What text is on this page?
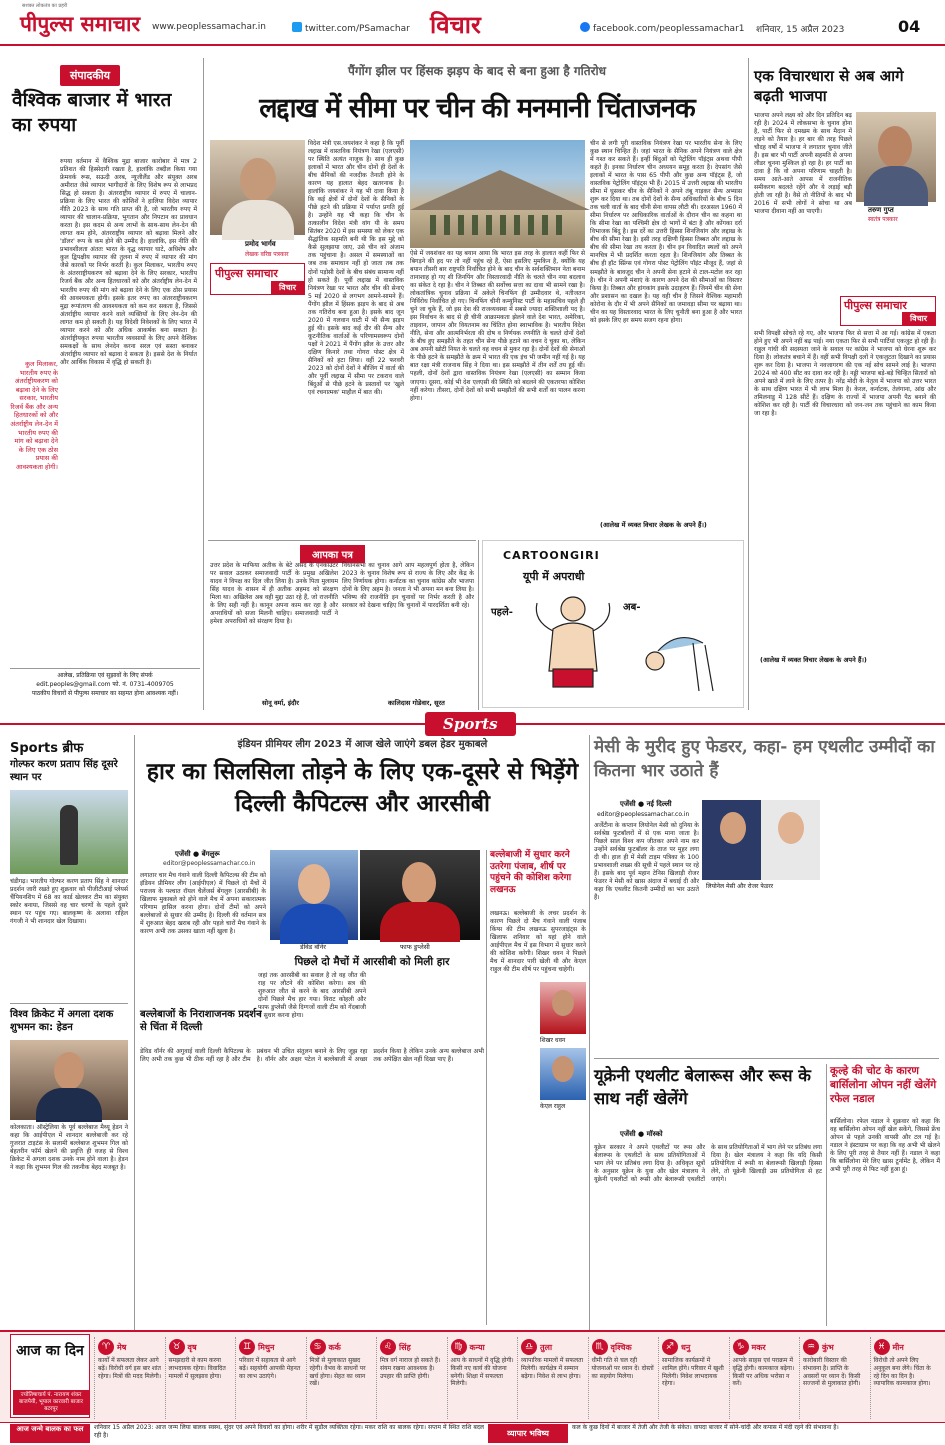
सशक्त लोकतंत्र का प्रहरी
पीपुल्स समाचार www.peoplessamachar.in	twitter.com/PSamachar विचार	facebook.com/peoplessamachar1 शनिवार, 15 अप्रैल 2023	04
संपादकीय
वैश्विक बाजार में भारत का रुपया
रुपया वर्तमान में वैश्विक मुद्रा बाजार कारोबार में मात्र 2 प्रतिशत की हिस्सेदारी रखता है, हालांकि तब्दील किया गया फ्रेमवर्क रूस, सऊदी अरब, न्यूजीलैंड और संयुक्त अरब अमीरात जैसे व्यापार भागीदारों के लिए विशेष रूप से लाभप्रद सिद्ध हो सकता है। अंतरराष्ट्रीय व्यापार में रुपए में चालान-प्रक्रिया के लिए भारत की कोशिशें ने हालिया विदेश व्यापार नीति 2023 के साथ गति प्राप्त की है, जो भारतीय रुपए में व्यापार की चालान-प्रक्रिया, भुगतान और निपटान का प्रावधान करता है। इस कदम से अन्य लाभों के साथ-साथ लेन-देन की लागत कम होने, अंतरराष्ट्रीय व्यापार को बढ़ावा मिलने और 'डॉलर' रूप के कम होने की उम्मीद है। हालांकि, इस नीति की प्रभावशीलता अंततः भारत के वृद्ध व्यापार घाटे, अधिशेष और कुल द्विपक्षीय व्यापार की तुलना में रुपए में व्यापार की मांग जैसे कारकों पर निर्भर करती है। कुल मिलाकर, भारतीय रुपए के अंतरराष्ट्रीयकरण को बढ़ावा देने के लिए सरकार, भारतीय रिजर्व बैंक और अन्य हितधारकों को और अंतर्राष्ट्रीय लेन-देन में भारतीय रुपए की मांग को बढ़ावा देने के लिए एक ठोस प्रयास की आवश्यकता होगी। इसके इतर रुपए का अंतरराष्ट्रीयकरण मुद्रा रूपांतरण की आवश्यकता को कम कर सकता है, जिससे अंतर्राष्ट्रीय व्यापार करने वाले व्यक्तियों के लिए लेन-देन की लागत कम हो सकती है। यह विदेशी निवेशकों के लिए भारत में व्यापार करने को और अधिक आकर्षक बना सकता है। अंतर्राष्ट्रीयकृत रुपया भारतीय व्यवसायों के लिए अपने वैश्विक समकक्षों के साथ लेनदेन करना सरल एवं सस्ता बनाकर अंतर्राष्ट्रीय व्यापार को बढ़ावा दे सकता है। इससे देश के निर्यात और आर्थिक विकास में वृद्धि हो सकती है।
कुल मिलाकर, भारतीय रुपए के अंतर्राष्ट्रीयकरण को बढ़ावा देने के लिए सरकार, भारतीय रिजर्व बैंक और अन्य हितधारकों को और अंतर्राष्ट्रीय लेन-देन में भारतीय रुपए की मांग को बढ़ावा देने के लिए एक ठोस प्रयास की आवश्यकता होगी।
आलेख, प्रतिक्रिया एवं सुझावों के लिए संपर्क
edit.peoples@gmail.com फो. नं. 0731-4009705
पाठकीय विचारों से पीपुल्स समाचार का सहमत होना आवश्यक नहीं।
पैंगोंग झील पर हिंसक झड़प के बाद से बना हुआ है गतिरोध
लद्दाख में सीमा पर चीन की मनमानी चिंताजनक
प्रमोद भार्गव
लेखक वरिष्ठ पत्रकार
पीपुल्स समाचार
विचार
विदेश मंत्री एस.जयशंकर ने कहा है कि पूर्वी लद्दाख में वास्तविक नियंत्रण रेखा (एलएसी) पर स्थिति अत्यंत नाजुक है। साथ ही कुछ इलाकों में भारत और चीन दोनों ही देशों के बीच सैनिकों की नजदीक तैनाती होने के कारण यह हालात बेहद खतरनाक है। हालांकि जयशंकर ने यह भी दावा किया है कि कई क्षेत्रों में दोनों देशों के सैनिकों के पीछे हटने की प्रक्रिया में पर्याप्त प्रगति हुई है। उन्होंने यह भी कहा कि चीन के तत्कालीन विदेश मंत्री वांग यी के समय सितंबर 2020 में इस समस्या को लेकर एक सैद्धांतिक सहमति बनी थी कि इस मुद्दे को कैसे सुलझाया जाए, उसे चीन को अंजाम तक पहुंचाना है। असल में समस्याओं का जब तक समाधान नहीं हो जाता तब तक दोनों पड़ोसी देशों के बीच संबंध सामान्य नहीं हो सकते हैं। पूर्वी लद्दाख में वास्तविक नियंत्रण रेखा पर भारत और चीन की सेनाएं 5 मई 2020 से लगभग आमने-सामने हैं। पैंगोंग झील में हिंसक झड़प के बाद से अब तक गतिरोध बना हुआ है। इसके बाद जून 2020 में गलवान घाटी में भी सैन्य झड़प हुई थी। इसके बाद कई दौर की सैन्य और कूटनीतिक वार्ताओं के परिणामस्वरूप दोनों पक्षों ने 2021 में पैंगोंग झील के उत्तर और दक्षिण किनारे तथा गोगरा पोस्ट क्षेत्र में सैनिकों को हटा लिया। वहीं 22 फरवरी 2023 को दोनों देशों ने बीजिंग में वार्ता की और पूर्वी लद्दाख में सीमा पर टकराव वाले बिंदुओं से पीछे हटने के प्रस्तावों पर 'खुले एवं रचनात्मक' माहौल में बात की।
ऐसे में जयशंकर का यह बयान आया कि भारत इस तरह के हालात कहीं फिर से बिगड़ने की हद पर तो नहीं पहुंच रहे हैं, ऐसा इसलिए मुमकिन है, क्योंकि यह बयान तीसरी बार राष्ट्रपति निर्वाचित होने के बाद चीन के सर्वशक्तिमान नेता बनाम तानाशाह हो गए शी जिनपिंग और विस्तारवादी नीति के चलते चीन नया बदलाव का संकेत दे रहा है। चीन ने तिब्बत की सर्वोच्च सत्ता का दावा भी सामने रखा है। लोकतांत्रिक चुनाव प्रक्रिया में अकेले चिनफिंग ही उम्मीदवार थे, नतीजतन निर्विरोध निर्वाचित हो गए। चिनफिंग चीनी कम्युनिस्ट पार्टी के महासचिव पहले ही चुने जा चुके हैं, जो इस देश की राजव्यवस्था में सबसे ज्यादा शक्तिशाली पद है। इस निर्वाचन के बाद से ही चीनी आक्रामकता झेलने वाले देश भारत, अमेरिका, ताइवान, जापान और वियतनाम का चिंतित होना स्वाभाविक है। भारतीय विदेश नीति, सेना और आत्मनिर्भरता की दोष व निर्णयक रणनीति के चलते दोनों देशों के बीच हुए समझौते के तहत चीन सेना पीछे हटाने का वचन दे चुका था, लेकिन अब अपनी खोटी नियत के चलते वह वचन से मुकर रहा है। दोनों देशों की सेनाओं के पीछे हटने के समझौते के क्रम में भारत की एक इंच भी जमीन नहीं गई है। यह बात रक्षा मंत्री राजनाथ सिंह ने दिया था। इस समझौते में तीन शर्तें तय हुई थीं। पहली, दोनों देशों द्वारा वास्तविक नियंत्रण रेखा (एलएसी) का सम्मान किया जाएगा। दूसरा, कोई भी देश एलएसी की स्थिति को बदलने की एकतरफा कोशिश नहीं करेगा। तीसरा, दोनों देशों को सभी समझौतों की सभी शर्तों का पालन करना होगा।
चीन से लगी पूरी वास्तविक नियंत्रण रेखा पर भारतीय सेना के लिए कुछ स्थान चिन्हित हैं। जहां भारत के सैनिक अपने नियंत्रण वाले क्षेत्र में गश्त कर सकते हैं। इन्हीं बिंदुओं को पेट्रोलिंग पॉइंट्स अथवा पीपी कहते हैं। इनका निर्धारण चीन अध्ययन समूह करता है। देपसांग जैसे इलाकों में भारत के पास 65 पीपी और कुछ अन्य पॉइंट्स हैं, जो वास्तविक पेट्रोलिंग पॉइंट्स भी हैं। 2015 में उत्तरी लद्दाख की भारतीय सीमा में घुसकर चीन के सैनिकों ने अपने तंबू गाड़कर सैन्य अभ्यास शुरू कर दिया था। तब दोनों देशों के सैन्य अधिकारियों के बीच 5 दिन तक चली वार्ता के बाद चीनी सेना वापस लौटी थी। दरअसल 1960 में सीमा निर्धारण पर आधिकारिक वार्ताओं के दौरान चीन का कहना था कि सीमा रेखा का पश्चिमी क्षेत्र दो भागों में बंटा है और कोंगका दर्रा विभाजक बिंदु है। इस दर्रे का उत्तरी हिस्सा शिनजियांग और लद्दाख के बीच की सीमा रेखा है। इसी तरह दक्षिणी हिस्सा तिब्बत और लद्दाख के बीच की सीमा रेखा तय करता है। चीन इन विवादित स्थलों को अपने मानचित्र में भी प्रदर्शित करता रहता है। शिनजियांग और तिब्बत के बीच ही हॉट स्प्रिंग्स एवं गोगरा पोस्ट पेट्रोलिंग पॉइंट मौजूद हैं, जहां से समझौते के बावजूद चीन ने अपनी सेना हटाने से टाल-मटोल कर रहा है। चीन ने अपनी मंशाएं के कारण अपने देश की सीमाओं का विस्तार किया है। तिब्बत और हांगकांग इसके उदाहरण हैं। जिनमें चीन की सेना और प्रशासन का दखल है। यह वही चीन है जिसने वैश्विक महामारी कोरोना के दौर में भी अपने सैनिकों का जमावड़ा सीमा पर बढ़ाया था। चीन का यह विस्तारवाद भारत के लिए चुनौती बना हुआ है और भारत को इसके लिए हर समय सजग रहना होगा।
(आलेख में व्यक्त विचार लेखक के अपने हैं।)
एक विचारधारा से अब आगे बढ़ती भाजपा
भाजपा अपने लक्ष्य को और दिन प्रतिदिन बढ़ रही है। 2024 में लोकसभा के चुनाव होना है, पार्टी फिर से दमखम के साथ मैदान में लड़ने को तैयार है। हर बार की तरह पिछले चौदह वर्षों में भाजपा ने लगातार चुनाव जीते हैं। इस बार भी पार्टी अपनी सहमति से अपना लीडर चुनना मुश्किल हो रहा है। हर पार्टी का दावा है कि वो अपना परिणाम चाहती है। समय आते-आते आपस में राजनीतिक समीकरण बदलते रहेंगे और ये लड़ाई बड़ी होती जा रही है। वैसे तो नीतियों के बाद भी 2016 में सभी लोगों ने सोचा था अब भाजपा दीवाना नहीं आ पाएगी।	तरुण गुप्त
स्वतंत्र पत्रकार
पीपुल्स समाचार
विचार
सभी विपक्षी सोचते रहे गए, और भाजपा फिर से सत्ता में आ गई। कांग्रेस में एकता होने हुए भी अपने नहीं बढ़ पाई। नया एकता फिर से सभी पार्टियां एकजुट हो रही हैं। राहुल गांधी की सदस्यता जाने के सवाल पर कांग्रेस ने भाजपा को घेरना शुरू कर दिया है। लोकतंत्र बचाने में हैं। वहीं सभी विपक्षी दलों ने एकजुटता दिखाने का प्रयास शुरू कर दिया है। भाजपा ने नवजागरण की एक नई सोच सामने लाई है। भाजपा 2024 को 400 सीट का दावा कर रही है। नड्डी भाजपा बड़े-बड़े चिन्हित सितारों को अपने खाते में लाने के लिए तत्पर है। नरेंद्र मोदी के नेतृत्व में भाजपा को उत्तर भारत के साथ दक्षिण भारत में भी लाभ मिला है। केरल, कर्नाटक, तेलंगाना, आंध्र और तमिलनाडु में 128 सीटें हैं। दक्षिण के राज्यों में भाजपा अपनी पैठ बनाने की कोशिश कर रही है। पार्टी की विचारधारा को जन-जन तक पहुंचाने का काम किया जा रहा है।
(आलेख में व्यक्त विचार लेखक के अपने हैं।)
आपका पत्र
उत्तर प्रदेश के माफिया अतीक के बेटे असद के एनकाउंटर पर सवाल उठाकर समाजवादी पार्टी के प्रमुख अखिलेश यादव ने विपक्ष का दिल जीत लिया है। उनके पिता मुलायम सिंह यादव के शासन में ही अतीक अहमद को संरक्षण मिला था। अखिलेश अब वही मुद्दा उठा रहे हैं, जो राजनीति के लिए सही नहीं है। कानून अपना काम कर रहा है और अपराधियों को सजा मिलनी चाहिए। समाजवादी पार्टी ने हमेशा अपराधियों को संरक्षण दिया है।
सोनू वर्मा, इंदौर
विधानसभा का चुनाव आगे आप महत्वपूर्ण होता है, लेकिन 2023 के चुनाव विशेष रूप से राज्य के लिए और केंद्र के लिए निर्णायक होगा। कर्नाटक का चुनाव कांग्रेस और भाजपा दोनों के लिए अहम है। जनता ने भी अपना मन बना लिया है। भविष्य की राजनीति इन चुनावों पर निर्भर करती है और सरकार को देखना चाहिए कि चुनावों में पारदर्शिता बनी रहे।
कालिदास गोडेवार, सूरत
CARTOONGIRI
यूपी में अपराधी
पहले-	अब-
Sports
Sports ब्रीफ
गोल्फर करण प्रताप सिंह दूसरे स्थान पर
चंडीगढ़। भारतीय गोल्फर करण प्रताप सिंह ने शानदार प्रदर्शन जारी रखते हुए शुक्रवार को पीजीटीआई प्लेयर्स चैंपियनशिप में 68 का कार्ड खेलकर टीम का संयुक्त स्कोर बनाया, जिससे वह चार चरणों के पहले दूसरे स्थान पर पहुंच गए। बालकृष्ण के अलावा राहिल गंगजी ने भी शानदार खेल दिखाया।
विश्व क्रिकेट में अगला दशक शुभमन का: हेडन
कोलकाता। ऑस्ट्रेलिया के पूर्व बल्लेबाज मैथ्यू हेडन ने कहा कि आईपीएल में शानदार बल्लेबाजी कर रहे गुजरात टाइटंस के सलामी बल्लेबाज शुभमन गिल को बेहतरीन फॉर्म खेलने की प्रवृत्ति ही वजह से विश्व क्रिकेट में अगला दशक उनके नाम होने वाला है। हेडन ने कहा कि शुभमन गिल की तकनीक बेहद मजबूत है।
इंडियन प्रीमियर लीग 2023 में आज खेले जाएंगे डबल हेडर मुकाबले
हार का सिलसिला तोड़ने के लिए एक-दूसरे से भिड़ेंगे दिल्ली कैपिटल्स और आरसीबी
एजेंसी ● बेंगलुरू
editor@peoplessamachar.co.in
लगातार चार मैच गंवाने वाली दिल्ली कैपिटल्स की टीम को इंडियन प्रीमियर लीग (आईपीएल) में पिछले दो मैचों में पराजय के पश्चात रॉयल चैलेंजर्स बेंगलुरु (आरसीबी) के खिलाफ मुकाबले को होने वाले मैच में अपना सकारात्मक परिणाम हासिल करना होगा। दोनों टीमों को अपने बल्लेबाजों से सुधार की उम्मीद है। दिल्ली की वर्तमान सत्र में शुरुआत बेहद खराब रही और पहले चारों मैच गंवाने के कारण अभी तक उसका खाता नहीं खुला है।
डेविड वॉर्नर	फाफ डुप्लेसी
पिछले दो मैचों में आरसीबी को मिली हार
जहां तक आरसीबी का सवाल है तो वह जीत की राह पर लौटने की कोशिश करेगा। सत्र की शुरुआत जीत से करने के बाद आरसीबी अपने दोनों पिछले मैच हार गया। विराट कोहली और फाफ डुप्लेसी जैसे दिग्गजों वाली टीम को गेंदबाजी में सुधार करना होगा।
बल्लेबाजों के निराशाजनक प्रदर्शन से चिंता में दिल्ली
डेविड वॉर्नर की अगुवाई वाली दिल्ली कैपिटल्स के लिए अभी तक कुछ भी ठीक नहीं रहा है और टीम प्रबंधन भी उचित संतुलन बनाने के लिए जूझ रहा है। वॉर्नर और अक्षर पटेल ने बल्लेबाजी में अच्छा प्रदर्शन किया है लेकिन उनके अन्य बल्लेबाज अभी तक अपेक्षित खेल नहीं दिखा पाए हैं।
बल्लेबाजी में सुधार करने उतरेगा पंजाब, शीर्ष पर पहुंचने की कोशिश करेगा लखनऊ
लखनऊ। बल्लेबाजी के लचर प्रदर्शन के कारण पिछले दो मैच गंवाने वाली पंजाब किंग्स की टीम लखनऊ सुपरजाइंट्स के खिलाफ शनिवार को यहां होने वाले आईपीएल मैच में इस विभाग में सुधार करने की कोशिश करेगी। शिखर धवन ने पिछले मैच में शानदार पारी खेली थी और केएल राहुल की टीम शीर्ष पर पहुंचना चाहेगी।
शिखर धवन
केएल राहुल
मेसी के मुरीद हुए फेडरर, कहा- हम एथलीट उम्मीदों का कितना भार उठाते हैं
एजेंसी ● नई दिल्ली
editor@peoplessamachar.co.in
अर्जेंटीना के कप्तान लियोनेल मेसी को दुनिया के सर्वश्रेष्ठ फुटबॉलरों में से एक माना जाता है। पिछले साल विश्व कप जीतकर अपने नाम कर उन्होंने सर्वश्रेष्ठ फुटबॉलर के ताज पर मुहर लगा दी थी। हाल ही में मेसी टाइम पत्रिका के 100 प्रभावशाली शख्स की सूची में पहले स्थान पर रहे हैं। इसके बाद पूर्व महान टेनिस खिलाड़ी रोजर फेडरर ने मेसी को खास अंदाज में बधाई दी और कहा कि एथलीट कितनी उम्मीदों का भार उठाते हैं।
लियोनेल मेसी और रोजर फेडरर
यूक्रेनी एथलीट बेलारूस और रूस के साथ नहीं खेलेंगे
एजेंसी ● मॉस्को
यूक्रेन सरकार ने अपने एथलीटों पर रूस और बेलारूस के एथलीटों के साथ प्रतियोगिताओं में भाग लेने पर प्रतिबंध लगा दिया है। अधिकृत सूत्रों के अनुसार यूक्रेन के युवा और खेल मंत्रालय ने यूक्रेनी एथलीटों को रूसी और बेलारूसी एथलीटों के साथ प्रतियोगिताओं में भाग लेने पर प्रतिबंध लगा दिया है। खेल मंत्रालय ने कहा कि यदि किसी प्रतियोगिता में रूसी या बेलारूसी खिलाड़ी हिस्सा लेंगे, तो यूक्रेनी खिलाड़ी उस प्रतियोगिता से हट जाएंगे।
कूल्हे की चोट के कारण बार्सिलोना ओपन नहीं खेलेंगे रफेल नडाल
बार्सिलोना। रफेल नडाल ने शुक्रवार को कहा कि वह बार्सिलोना ओपन नहीं खेल सकेंगे, जिससे फ्रेंच ओपन से पहले उनकी वापसी और टल गई है। नडाल ने इंस्टाग्राम पर कहा कि वह अभी भी खेलने के लिए पूरी तरह से तैयार नहीं हैं। नडाल ने कहा कि बार्सिलोना मेरे लिए खास टूर्नामेंट है, लेकिन मैं अभी पूरी तरह से फिट नहीं हुआ हूं।
आज का दिन
ज्योतिषाचार्य पं. नारायण शंकर बाजपेयी, भूपाल कारवारी बाजार बटरपुर
♈ मेष
कार्यों में सफलता लेकर आगे बढ़ें। विरोधी वर्ग इस बार शांत रहेगा। मित्रों की मदद मिलेगी।
♉ वृष
समझदारी से काम करना लाभदायक रहेगा। विवादित मामलों में सुलझाव होगा।
♊ मिथुन
परिवार में सहायता से आगे बढ़ें। सहयोगी आपकी मेहनत का लाभ उठाएंगे।
♋ कर्क
मित्रों से मुलाकात सुखद रहेगी। वैभव के साधनों पर खर्च होगा। सेहत का ध्यान रखें।
♌ सिंह
मित्र वर्ग नाराज हो सकते हैं। संयम रखना आवश्यक है। उपहार की प्राप्ति होगी।
♍ कन्या
आय के साधनों में वृद्धि होगी। किसी नए कार्य की योजना बनेगी। शिक्षा में सफलता मिलेगी।
♎ तुला
व्यापारिक मामलों में सफलता मिलेगी। कार्यक्षेत्र में सम्मान बढ़ेगा। निवेश से लाभ होगा।
♏ वृश्चिक
धीमी गति से चल रही योजनाओं पर ध्यान दें। दोस्तों का सहयोग मिलेगा।
♐ धनु
सामाजिक कार्यक्रमों में शामिल होंगे। परिवार में खुशी मिलेगी। निवेश लाभदायक रहेगा।
♑ मकर
आपके साहस एवं पराक्रम में वृद्धि होगी। कामकाज बढ़ेगा। किसी पर अधिक भरोसा न करें।
♒ कुंभ
कारोबारी विस्तार की संभावना है। प्राप्ति के अवसरों पर ध्यान दें। किसी सज्जनों से मुलाकात होगी।
♓ मीन
विरोधी तो अपने लिए अनुकूल बना लेंगे। चिंता के रहे दिन का दिन है। व्यापारिक कामकाज होगा।
आज जन्मे बालक का फल	शनिवार 15 अप्रैल 2023: आज जन्म लिया बालक स्वस्थ, सुंदर एवं अपने विचारों का होगा। शरीर में सुडौल व्यक्तित्व रहेगा। मकर राशि का बालक रहेगा। सप्तम में स्थित राशि बदल रही है।	व्यापार भविष्य
कल के कुछ दिनों में बाजार में तेजी और तेजी के संकेत। वायदा बाजार में सोने-चांदी और कपास में मंदी रहने की संभावना है।
